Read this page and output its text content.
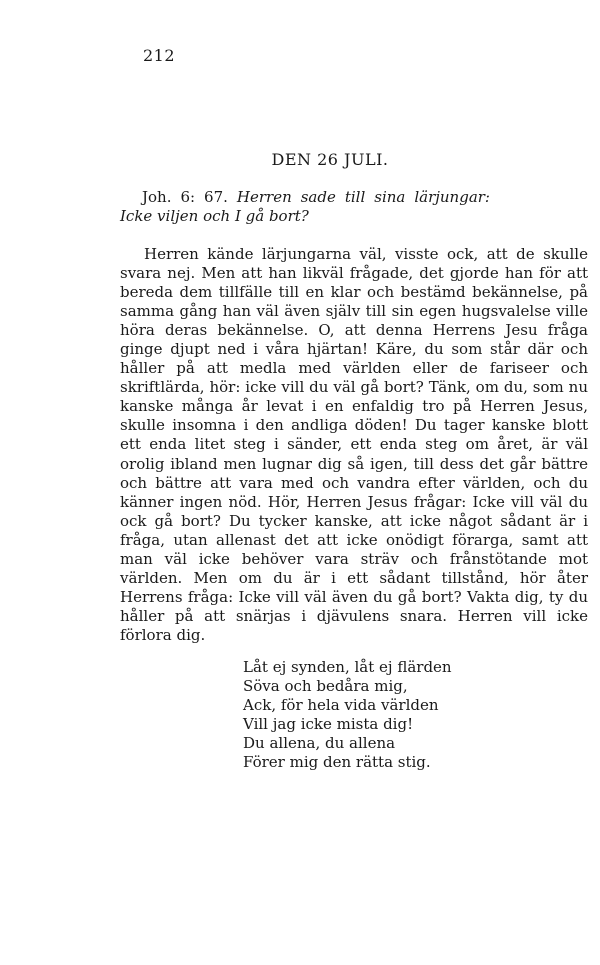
212
DEN 26 JULI.
Joh. 6: 67. Herren sade till sina lärjungar: Icke viljen och I gå bort?
Herren kände lärjungarna väl, visste ock, att de skulle svara nej. Men att han likväl frågade, det gjorde han för att bereda dem tillfälle till en klar och bestämd bekännelse, på samma gång han väl även själv till sin egen hugsvalelse ville höra deras bekännelse. O, att denna Herrens Jesu fråga ginge djupt ned i våra hjärtan! Käre, du som står där och håller på att medla med världen eller de fariseer och skriftlärda, hör: icke vill du väl gå bort? Tänk, om du, som nu kanske många år levat i en enfaldig tro på Herren Jesus, skulle insomna i den andliga döden! Du tager kanske blott ett enda litet steg i sänder, ett enda steg om året, är väl orolig ibland men lugnar dig så igen, till dess det går bättre och bättre att vara med och vandra efter världen, och du känner ingen nöd. Hör, Herren Jesus frågar: Icke vill väl du ock gå bort? Du tycker kanske, att icke något sådant är i fråga, utan allenast det att icke onödigt förarga, samt att man väl icke behöver vara sträv och frånstötande mot världen. Men om du är i ett sådant tillstånd, hör åter Herrens fråga: Icke vill väl även du gå bort? Vakta dig, ty du håller på att snärjas i djävulens snara. Herren vill icke förlora dig.
Låt ej synden, låt ej flärden
Söva och bedåra mig,
Ack, för hela vida världen
Vill jag icke mista dig!
Du allena, du allena
Förer mig den rätta stig.
